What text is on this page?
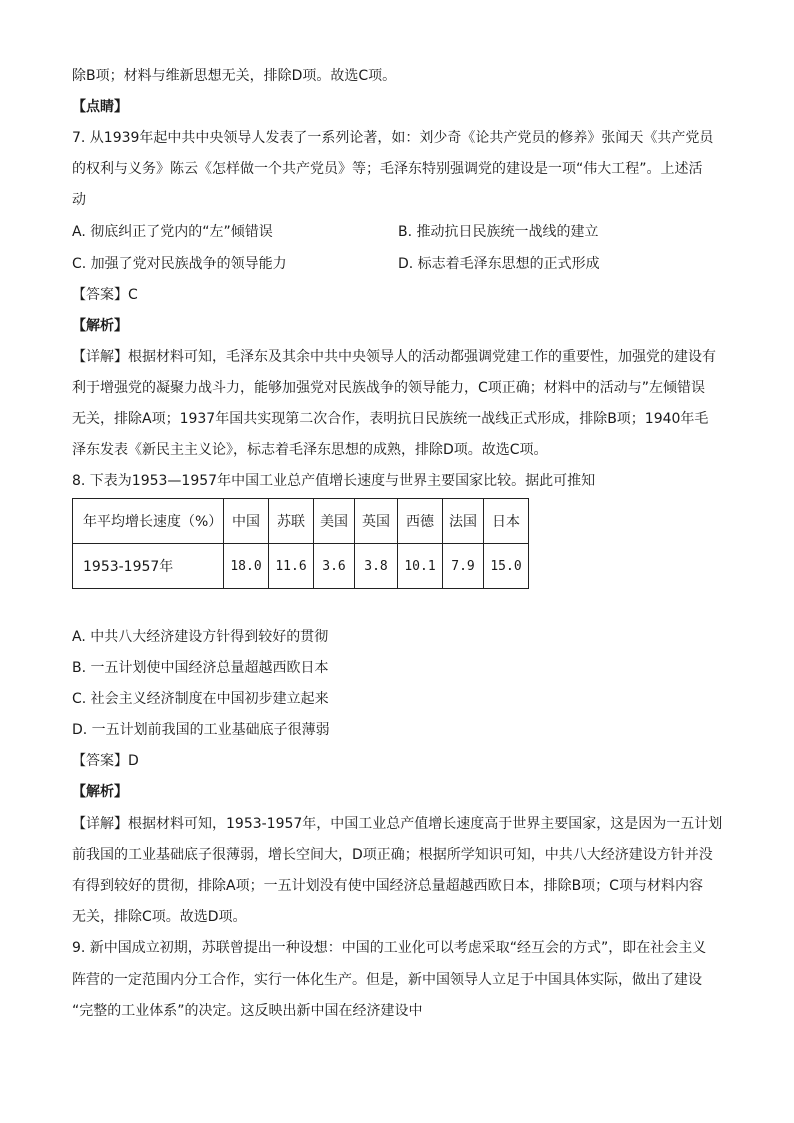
除B项；材料与维新思想无关，排除D项。故选C项。
【点睛】
7. 从1939年起中共中央领导人发表了一系列论著，如：刘少奇《论共产党员的修养》张闻天《共产党员
的权利与义务》陈云《怎样做一个共产党员》等；毛泽东特别强调党的建设是一项“伟大工程”。上述活
动
A. 彻底纠正了党内的“左”倾错误	B. 推动抗日民族统一战线的建立
C. 加强了党对民族战争的领导能力	D. 标志着毛泽东思想的正式形成
【答案】C
【解析】
【详解】根据材料可知，毛泽东及其余中共中央领导人的活动都强调党建工作的重要性，加强党的建设有
利于增强党的凝聚力战斗力，能够加强党对民族战争的领导能力，C项正确；材料中的活动与”左倾错误
无关，排除A项；1937年国共实现第二次合作，表明抗日民族统一战线正式形成，排除B项；1940年毛
泽东发表《新民主主义论》，标志着毛泽东思想的成熟，排除D项。故选C项。
8. 下表为1953—1957年中国工业总产值增长速度与世界主要国家比较。据此可推知
年平均增长速度（%）	中国	苏联	美国	英国	西德	法国	日本
1953-1957年	18.0	11.6	3.6	3.8	10.1	7.9	15.0
A. 中共八大经济建设方针得到较好的贯彻
B. 一五计划使中国经济总量超越西欧日本
C. 社会主义经济制度在中国初步建立起来
D. 一五计划前我国的工业基础底子很薄弱
【答案】D
【解析】
【详解】根据材料可知，1953-1957年，中国工业总产值增长速度高于世界主要国家，这是因为一五计划
前我国的工业基础底子很薄弱，增长空间大，D项正确；根据所学知识可知，中共八大经济建设方针并没
有得到较好的贯彻，排除A项；一五计划没有使中国经济总量超越西欧日本，排除B项；C项与材料内容
无关，排除C项。故选D项。
9. 新中国成立初期，苏联曾提出一种设想：中国的工业化可以考虑采取“经互会的方式”，即在社会主义
阵营的一定范围内分工合作，实行一体化生产。但是，新中国领导人立足于中国具体实际，做出了建设
“完整的工业体系”的决定。这反映出新中国在经济建设中
